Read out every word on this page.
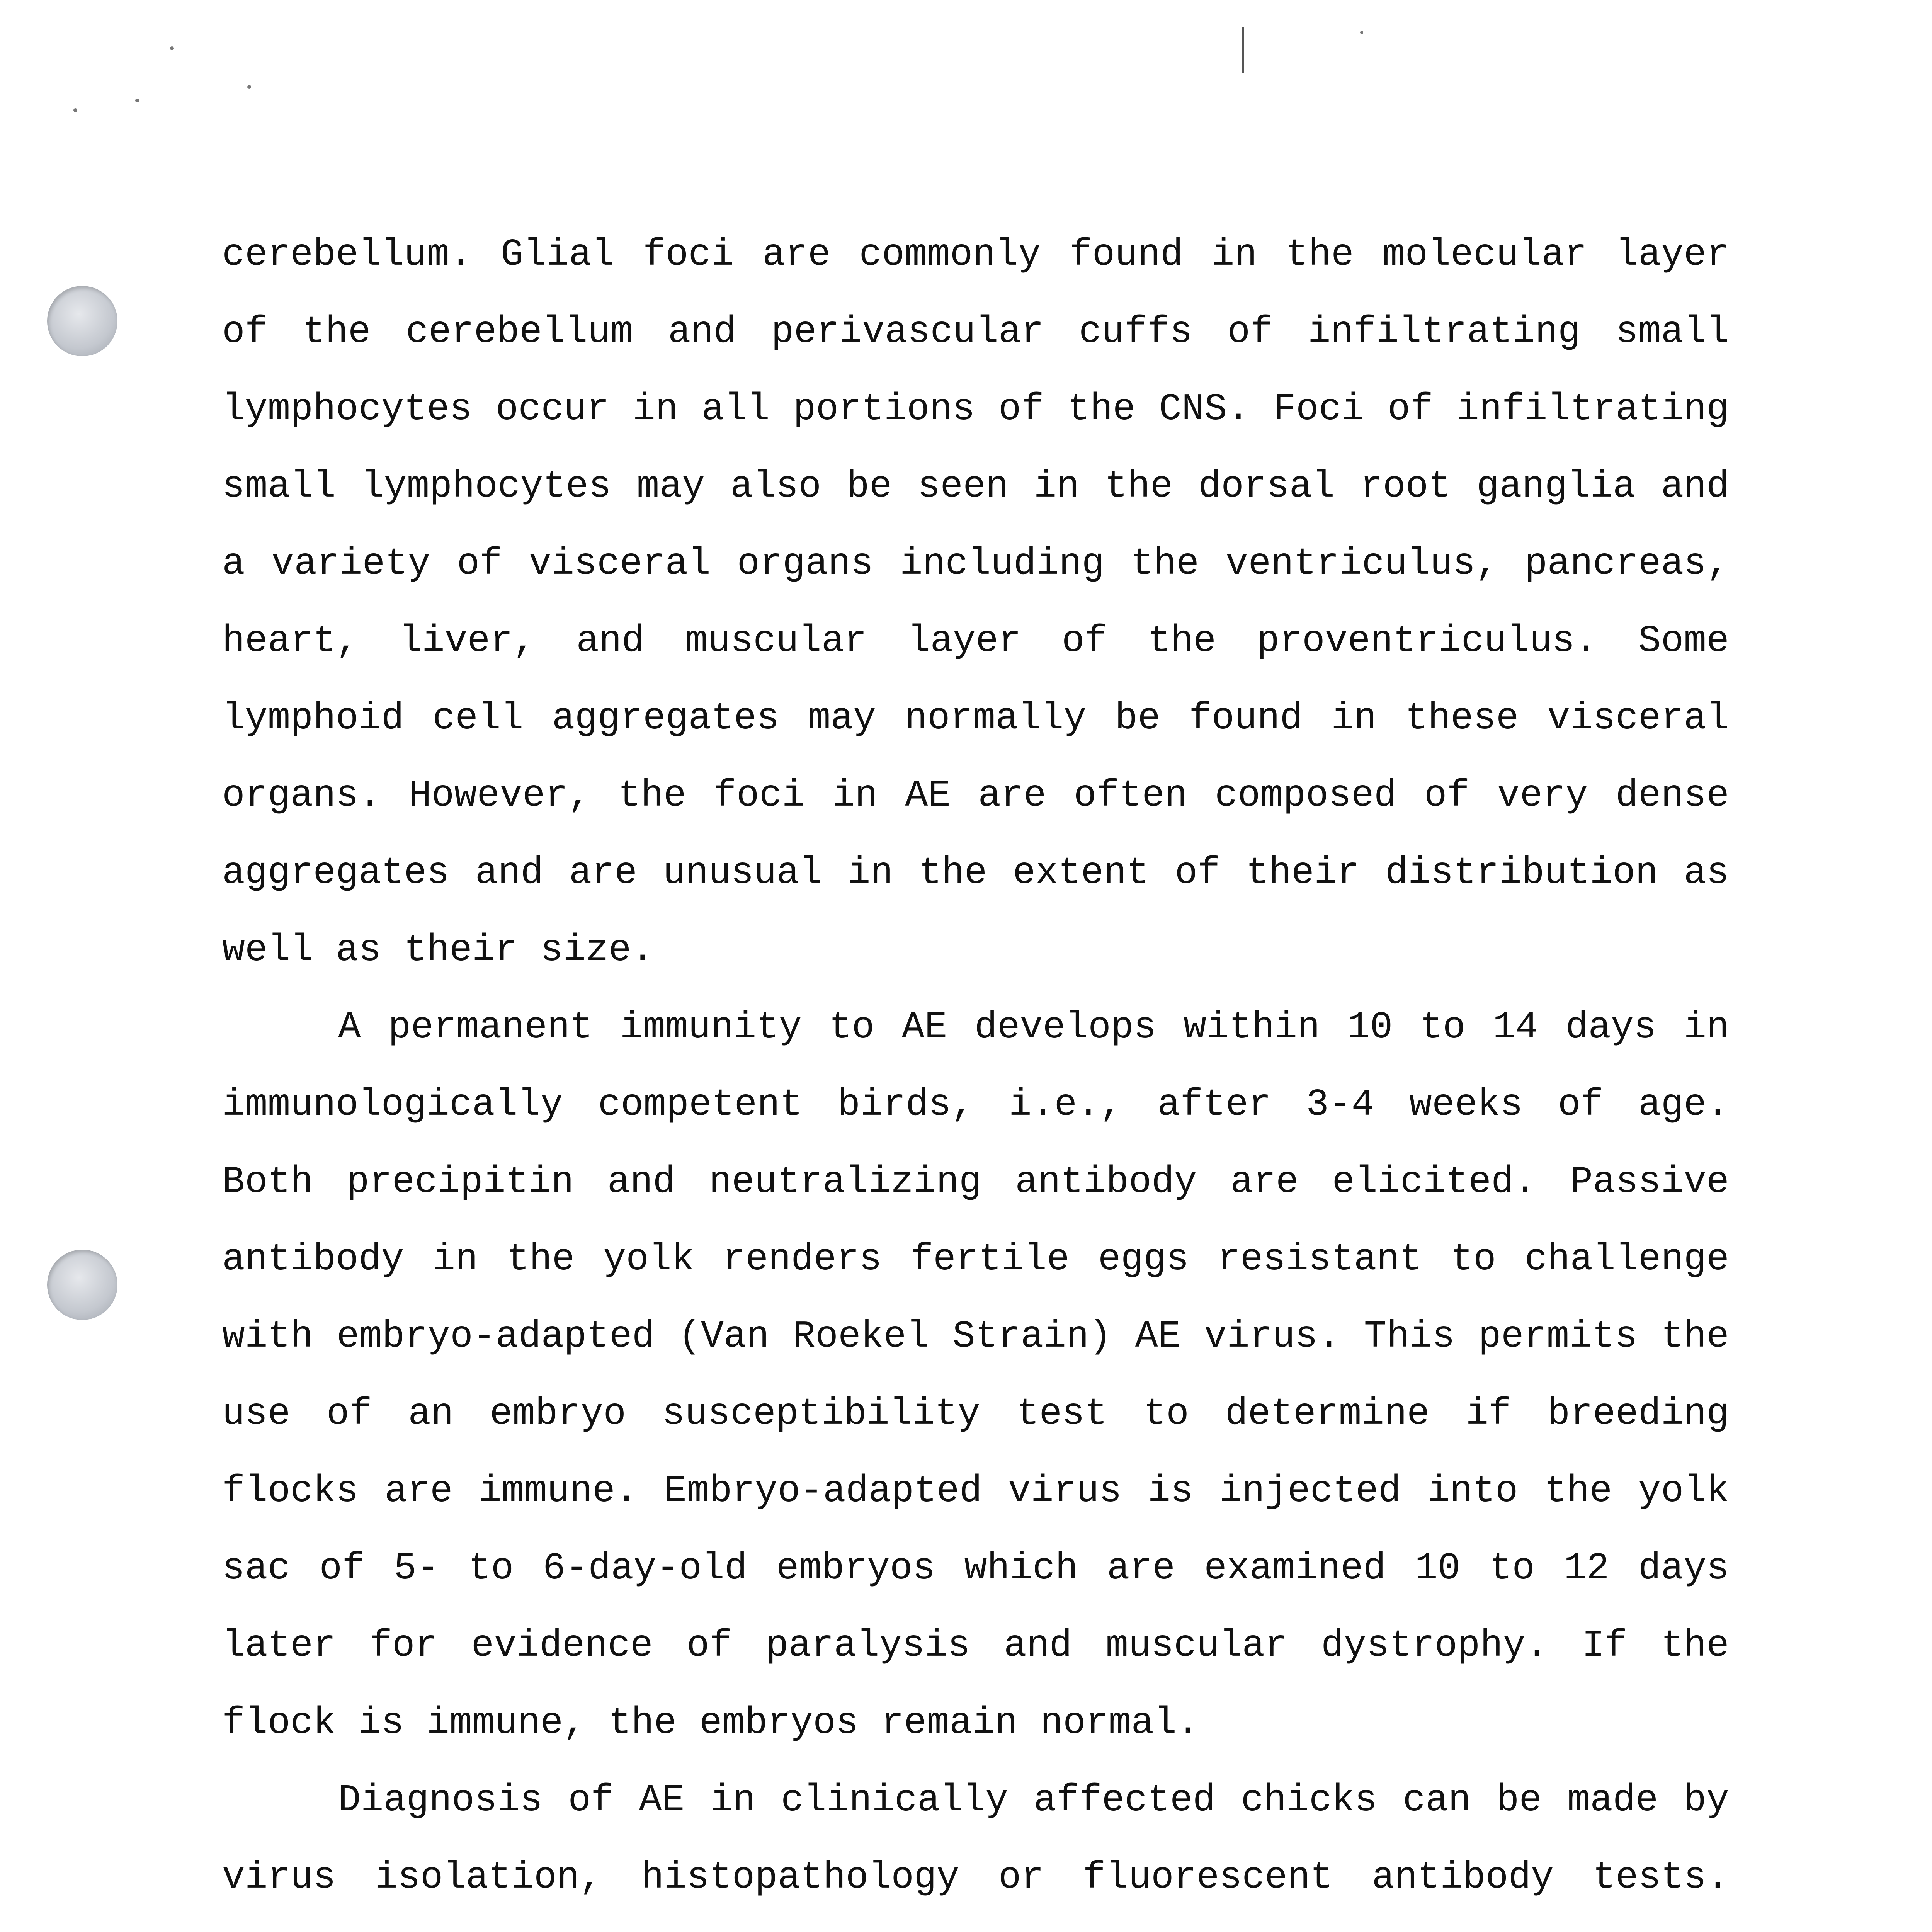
cerebellum. Glial foci are commonly found in the molecular layer
of the cerebellum and perivascular cuffs of infiltrating small
lymphocytes occur in all portions of the CNS. Foci of infiltrating
small lymphocytes may also be seen in the dorsal root ganglia and
a variety of visceral organs including the ventriculus, pancreas,
heart, liver, and muscular layer of the proventriculus. Some
lymphoid cell aggregates may normally be found in these visceral
organs. However, the foci in AE are often composed of very dense
aggregates and are unusual in the extent of their distribution as
well as their size.
A permanent immunity to AE develops within 10 to 14 days in
immunologically competent birds, i.e., after 3-4 weeks of age.
Both precipitin and neutralizing antibody are elicited. Passive
antibody in the yolk renders fertile eggs resistant to challenge
with embryo-adapted (Van Roekel Strain) AE virus. This permits the
use of an embryo susceptibility test to determine if breeding
flocks are immune. Embryo-adapted virus is injected into the yolk
sac of 5- to 6-day-old embryos which are examined 10 to 12 days
later for evidence of paralysis and muscular dystrophy. If the
flock is immune, the embryos remain normal.
Diagnosis of AE in clinically affected chicks can be made by
virus isolation, histopathology or fluorescent antibody tests.
